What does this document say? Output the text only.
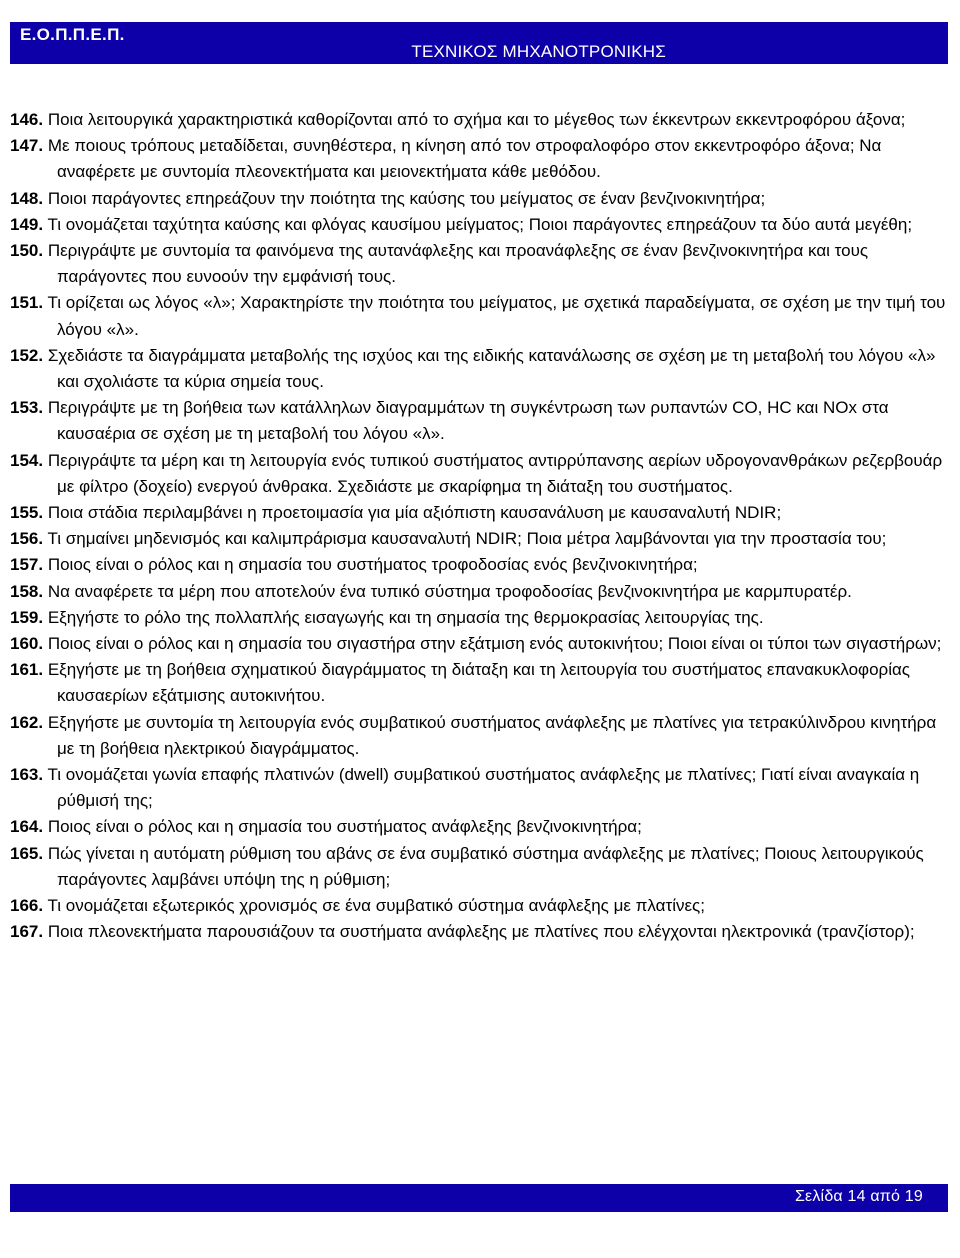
Ε.Ο.Π.Π.Ε.Π.
ΤΕΧΝΙΚΟΣ ΜΗΧΑΝΟΤΡΟΝΙΚΗΣ
146. Ποια λειτουργικά χαρακτηριστικά καθορίζονται από το σχήμα και το μέγεθος των έκκεντρων εκκεντροφόρου άξονα;
147. Με ποιους τρόπους μεταδίδεται, συνηθέστερα, η κίνηση από τον στροφαλοφόρο στον εκκεντροφόρο άξονα; Να αναφέρετε με συντομία πλεονεκτήματα και μειονεκτήματα κάθε μεθόδου.
148. Ποιοι παράγοντες επηρεάζουν την ποιότητα της καύσης του μείγματος σε έναν βενζινοκινητήρα;
149. Τι ονομάζεται ταχύτητα καύσης και φλόγας καυσίμου μείγματος; Ποιοι παράγοντες επηρεάζουν τα δύο αυτά μεγέθη;
150. Περιγράψτε με συντομία τα φαινόμενα της αυτανάφλεξης και προανάφλεξης σε έναν βενζινοκινητήρα και τους παράγοντες που ευνοούν την εμφάνισή τους.
151. Τι ορίζεται ως λόγος «λ»; Χαρακτηρίστε την ποιότητα του μείγματος, με σχετικά παραδείγματα, σε σχέση με την τιμή του λόγου «λ».
152. Σχεδιάστε τα διαγράμματα μεταβολής της ισχύος και της ειδικής κατανάλωσης σε σχέση με τη μεταβολή του λόγου «λ» και σχολιάστε τα κύρια σημεία τους.
153. Περιγράψτε με τη βοήθεια των κατάλληλων διαγραμμάτων τη συγκέντρωση των ρυπαντών CO, HC και NOx στα καυσαέρια σε σχέση με τη μεταβολή του λόγου «λ».
154. Περιγράψτε τα μέρη και τη λειτουργία ενός τυπικού συστήματος αντιρρύπανσης αερίων υδρογονανθράκων ρεζερβουάρ με φίλτρο (δοχείο) ενεργού άνθρακα. Σχεδιάστε με σκαρίφημα τη διάταξη του συστήματος.
155. Ποια στάδια περιλαμβάνει η προετοιμασία για μία αξιόπιστη καυσανάλυση με καυσαναλυτή NDIR;
156. Τι σημαίνει μηδενισμός και καλιμπράρισμα καυσαναλυτή NDIR; Ποια μέτρα λαμβάνονται για την προστασία του;
157. Ποιος είναι ο ρόλος και η σημασία του συστήματος τροφοδοσίας ενός βενζινοκινητήρα;
158. Να αναφέρετε τα μέρη που αποτελούν ένα τυπικό σύστημα τροφοδοσίας βενζινοκινητήρα με καρμπυρατέρ.
159. Εξηγήστε το ρόλο της πολλαπλής εισαγωγής και τη σημασία της θερμοκρασίας λειτουργίας της.
160. Ποιος είναι ο ρόλος και η σημασία του σιγαστήρα στην εξάτμιση ενός αυτοκινήτου; Ποιοι είναι οι τύποι των σιγαστήρων;
161. Εξηγήστε με τη βοήθεια σχηματικού διαγράμματος τη διάταξη και τη λειτουργία του συστήματος επανακυκλοφορίας καυσαερίων εξάτμισης αυτοκινήτου.
162. Εξηγήστε με συντομία τη λειτουργία ενός συμβατικού συστήματος ανάφλεξης με πλατίνες για τετρακύλινδρου κινητήρα με τη βοήθεια ηλεκτρικού διαγράμματος.
163. Τι ονομάζεται γωνία επαφής πλατινών (dwell) συμβατικού συστήματος ανάφλεξης με πλατίνες; Γιατί είναι αναγκαία η ρύθμισή της;
164. Ποιος είναι ο ρόλος και η σημασία του συστήματος ανάφλεξης βενζινοκινητήρα;
165. Πώς γίνεται η αυτόματη ρύθμιση του αβάνς σε ένα συμβατικό σύστημα ανάφλεξης με πλατίνες; Ποιους λειτουργικούς παράγοντες λαμβάνει υπόψη της η ρύθμιση;
166. Τι ονομάζεται εξωτερικός χρονισμός σε ένα συμβατικό σύστημα ανάφλεξης με πλατίνες;
167. Ποια πλεονεκτήματα παρουσιάζουν τα συστήματα ανάφλεξης με πλατίνες που ελέγχονται ηλεκτρονικά (τρανζίστορ);
Σελίδα 14 από 19
